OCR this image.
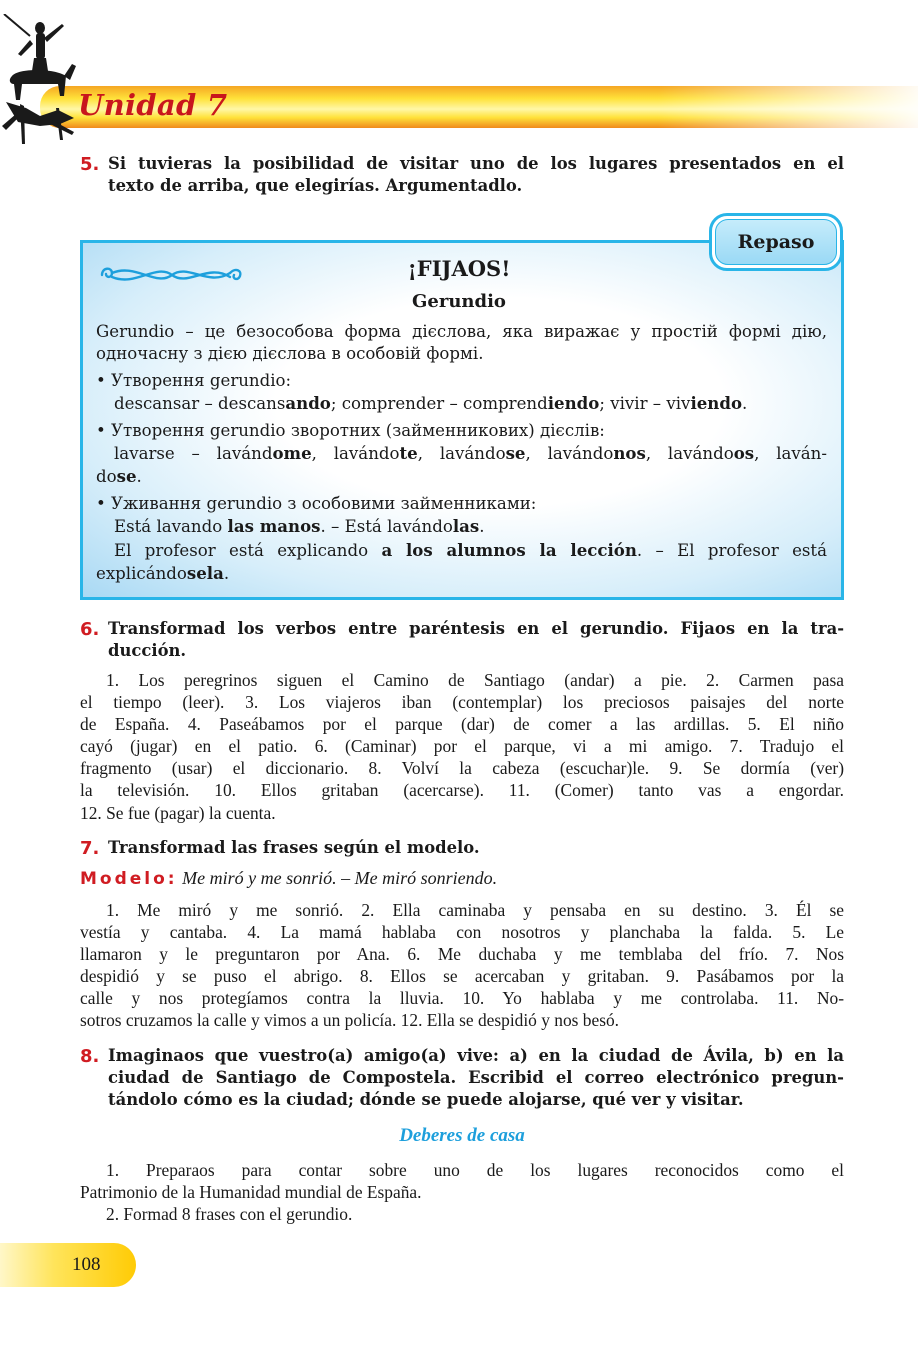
Unidad 7
5. Si tuvieras la posibilidad de visitar uno de los lugares presentados en el

texto de arriba, que elegirías. Argumentadlo.

Repaso
¡FIJAOS!
Gerundio

Gerundio – це безособова форма дієслова, яка виражає у простій формі дію, одночасну з дією дієслова в особовій формі.

• Утворення gerundio:

descansar – descansando; comprender – comprendiendo; vivir – viviendo.

• Утворення gerundio зворотних (займенникових) дієслів:

lavarse – lavándome, lavándote, lavándose, lavándonos, lavándoos, laván-

dose.

• Уживання gerundio з особовими займенниками:

Está lavando las manos. – Está lavándolas.

El profesor está explicando a los alumnos la lección. – El profesor está

explicándosela.

6. Transformad los verbos entre paréntesis en el gerundio. Fijaos en la tra-

ducción.

1. Los peregrinos siguen el Camino de Santiago (andar) a pie. 2. Carmen pasa

el tiempo (leer). 3. Los viajeros iban (contemplar) los preciosos paisajes del norte

de España. 4. Paseábamos por el parque (dar) de comer a las ardillas. 5. El niño

cayó (jugar) en el patio. 6. (Caminar) por el parque, vi a mi amigo. 7. Tradujo el

fragmento (usar) el diccionario. 8. Volví la cabeza (escuchar)le. 9. Se dormía (ver)

la televisión. 10. Ellos gritaban (acercarse). 11. (Comer) tanto vas a engordar.

12. Se fue (pagar) la cuenta.

7. Transformad las frases según el modelo.
Modelo: Me miró y me sonrió. – Me miró sonriendo.

1. Me miró y me sonrió. 2. Ella caminaba y pensaba en su destino. 3. Él se

vestía y cantaba. 4. La mamá hablaba con nosotros y planchaba la falda. 5. Le

llamaron y le preguntaron por Ana. 6. Me duchaba y me temblaba del frío. 7. Nos

despidió y se puso el abrigo. 8. Ellos se acercaban y gritaban. 9. Pasábamos por la

calle y nos protegíamos contra la lluvia. 10. Yo hablaba y me controlaba. 11. No-

sotros cruzamos la calle y vimos a un policía. 12. Ella se despidió y nos besó.

8. Imaginaos que vuestro(a) amigo(a) vive: a) en la ciudad de Ávila, b) en la

ciudad de Santiago de Compostela. Escribid el correo electrónico pregun-

tándolo cómo es la ciudad; dónde se puede alojarse, qué ver y visitar.

Deberes de casa

1. Preparaos para contar sobre uno de los lugares reconocidos como el

Patrimonio de la Humanidad mundial de España.

2. Formad 8 frases con el gerundio.

108
